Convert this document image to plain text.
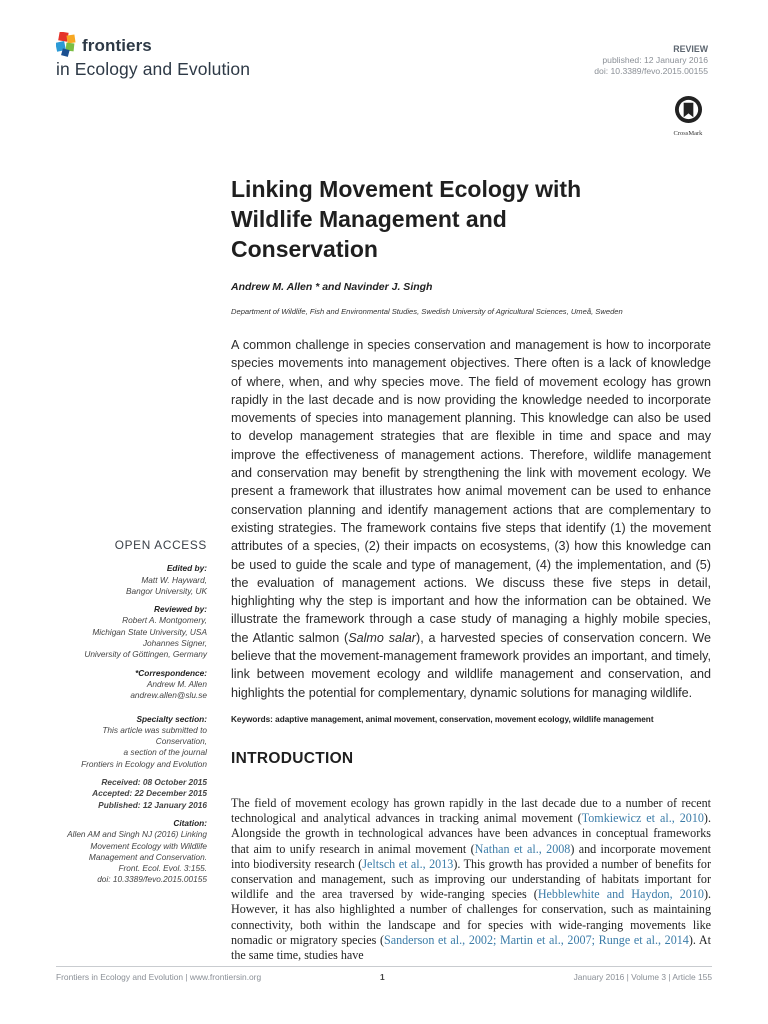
frontiers
in Ecology and Evolution
REVIEW
published: 12 January 2016
doi: 10.3389/fevo.2015.00155
CrossMark
Linking Movement Ecology with Wildlife Management and Conservation
Andrew M. Allen * and Navinder J. Singh
Department of Wildlife, Fish and Environmental Studies, Swedish University of Agricultural Sciences, Umeå, Sweden

A common challenge in species conservation and management is how to incorporate species movements into management objectives. There often is a lack of knowledge of where, when, and why species move. The field of movement ecology has grown rapidly in the last decade and is now providing the knowledge needed to incorporate movements of species into management planning. This knowledge can also be used to develop management strategies that are flexible in time and space and may improve the effectiveness of management actions. Therefore, wildlife management and conservation may benefit by strengthening the link with movement ecology. We present a framework that illustrates how animal movement can be used to enhance conservation planning and identify management actions that are complementary to existing strategies. The framework contains five steps that identify (1) the movement attributes of a species, (2) their impacts on ecosystems, (3) how this knowledge can be used to guide the scale and type of management, (4) the implementation, and (5) the evaluation of management actions. We discuss these five steps in detail, highlighting why the step is important and how the information can be obtained. We illustrate the framework through a case study of managing a highly mobile species, the Atlantic salmon (Salmo salar), a harvested species of conservation concern. We believe that the movement-management framework provides an important, and timely, link between movement ecology and wildlife management and conservation, and highlights the potential for complementary, dynamic solutions for managing wildlife.

Keywords: adaptive management, animal movement, conservation, movement ecology, wildlife management
OPEN ACCESS
Edited by:
Matt W. Hayward,
Bangor University, UK
Reviewed by:
Robert A. Montgomery,
Michigan State University, USA
Johannes Signer,
University of Göttingen, Germany
*Correspondence:
Andrew M. Allen
andrew.allen@slu.se
Specialty section:
This article was submitted to
Conservation,
a section of the journal
Frontiers in Ecology and Evolution
Received: 08 October 2015
Accepted: 22 December 2015
Published: 12 January 2016
Citation:
Allen AM and Singh NJ (2016) Linking
Movement Ecology with Wildlife
Management and Conservation.
Front. Ecol. Evol. 3:155.
doi: 10.3389/fevo.2015.00155
INTRODUCTION

The field of movement ecology has grown rapidly in the last decade due to a number of recent technological and analytical advances in tracking animal movement (Tomkiewicz et al., 2010). Alongside the growth in technological advances have been advances in conceptual frameworks that aim to unify research in animal movement (Nathan et al., 2008) and incorporate movement into biodiversity research (Jeltsch et al., 2013). This growth has provided a number of benefits for conservation and management, such as improving our understanding of habitats important for wildlife and the area traversed by wide-ranging species (Hebblewhite and Haydon, 2010). However, it has also highlighted a number of challenges for conservation, such as maintaining connectivity, both within the landscape and for species with wide-ranging movements like nomadic or migratory species (Sanderson et al., 2002; Martin et al., 2007; Runge et al., 2014). At the same time, studies have

Frontiers in Ecology and Evolution | www.frontiersin.org	1	January 2016 | Volume 3 | Article 155
